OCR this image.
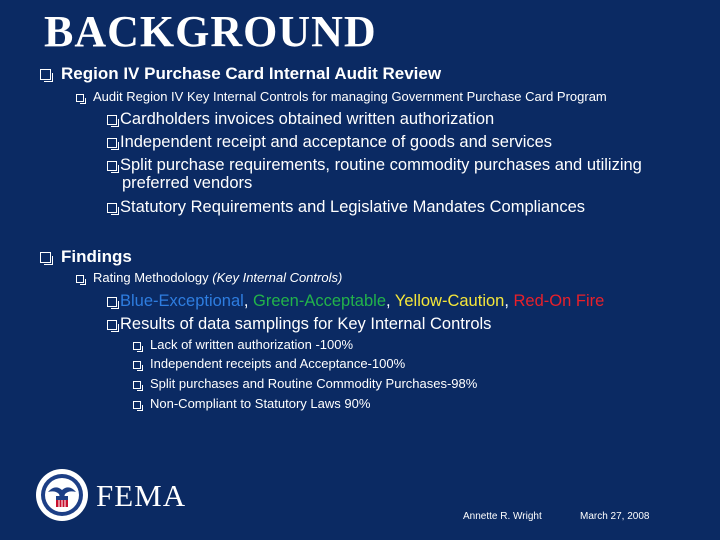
BACKGROUND
Region IV Purchase Card Internal Audit Review
Audit Region IV Key Internal Controls for managing Government Purchase Card Program
Cardholders invoices obtained written authorization
Independent receipt and acceptance of goods and services
Split purchase requirements, routine commodity purchases and utilizing
preferred vendors
Statutory Requirements and Legislative Mandates Compliances
Findings
Rating Methodology (Key Internal Controls)
Blue-Exceptional, Green-Acceptable, Yellow-Caution, Red-On Fire
Results of data samplings for Key Internal Controls
Lack of written authorization -100%
Independent receipts and Acceptance-100%
Split purchases and Routine Commodity Purchases-98%
Non-Compliant to Statutory Laws 90%
FEMA
Annette R. Wright	March 27, 2008
